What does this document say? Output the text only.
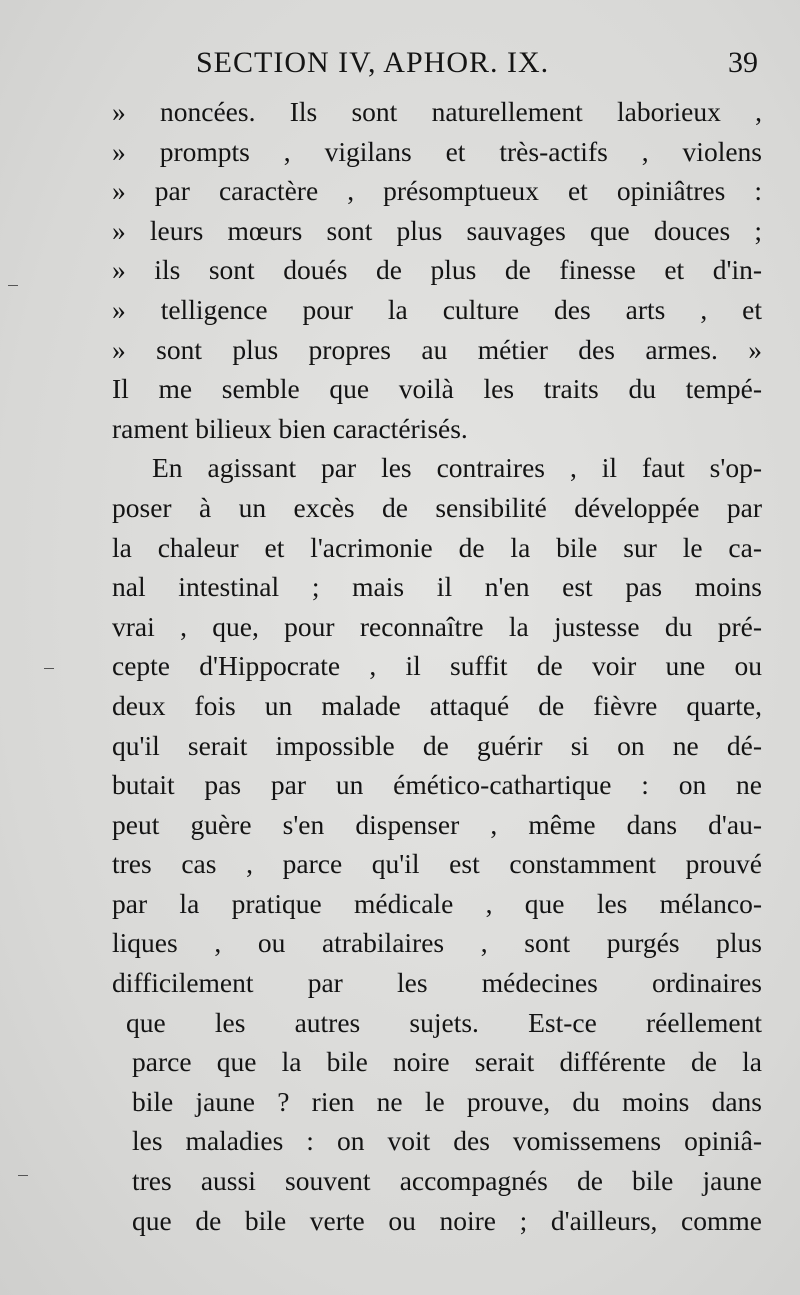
SECTION IV, APHOR. IX.	39
» noncées. Ils sont naturellement laborieux ,
» prompts , vigilans et très-actifs , violens
» par caractère , présomptueux et opiniâtres :
» leurs mœurs sont plus sauvages que douces ;
» ils sont doués de plus de finesse et d'in-
» telligence pour la culture des arts , et
» sont plus propres au métier des armes. »
Il me semble que voilà les traits du tempé-
rament bilieux bien caractérisés.
En agissant par les contraires , il faut s'op-
poser à un excès de sensibilité développée par
la chaleur et l'acrimonie de la bile sur le ca-
nal intestinal ; mais il n'en est pas moins
vrai , que, pour reconnaître la justesse du pré-
cepte d'Hippocrate , il suffit de voir une ou
deux fois un malade attaqué de fièvre quarte,
qu'il serait impossible de guérir si on ne dé-
butait pas par un émético-cathartique : on ne
peut guère s'en dispenser , même dans d'au-
tres cas , parce qu'il est constamment prouvé
par la pratique médicale , que les mélanco-
liques , ou atrabilaires , sont purgés plus
difficilement par les médecines ordinaires
que les autres sujets. Est-ce réellement
parce que la bile noire serait différente de la
bile jaune ? rien ne le prouve, du moins dans
les maladies : on voit des vomissemens opiniâ-
tres aussi souvent accompagnés de bile jaune
que de bile verte ou noire ; d'ailleurs, comme
